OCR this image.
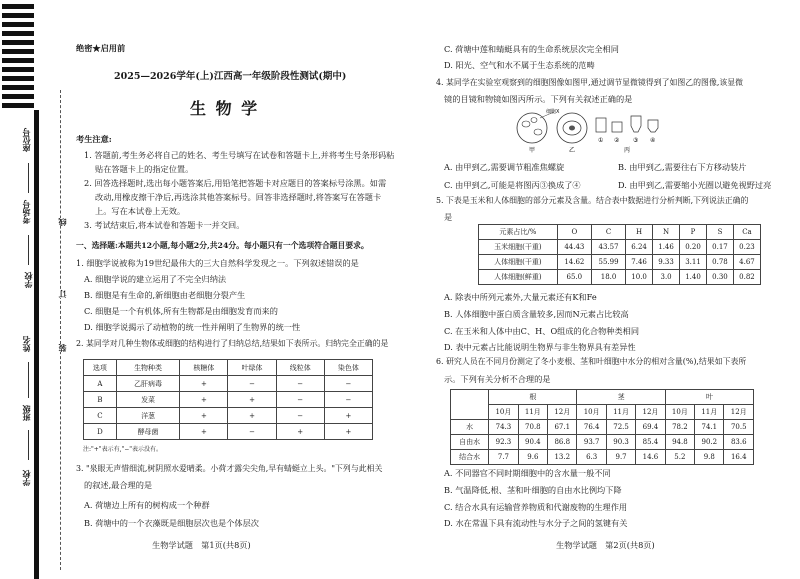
座位号
考场号
学校
姓名
班级
学校
线
订
装
绝密★启用前
2025—2026学年(上)江西高一年级阶段性测试(期中)
生 物 学
考生注意:
1. 答题前,考生务必将自己的姓名、考生号填写在试卷和答题卡上,并将考生号条形码粘
贴在答题卡上的指定位置。
2. 回答选择题时,选出每小题答案后,用铅笔把答题卡对应题目的答案标号涂黑。如需
改动,用橡皮擦干净后,再选涂其他答案标号。回答非选择题时,将答案写在答题卡
上。写在本试卷上无效。
3. 考试结束后,将本试卷和答题卡一并交回。
一、选择题:本题共12小题,每小题2分,共24分。每小题只有一个选项符合题目要求。
1. 细胞学说被称为19世纪最伟大的三大自然科学发现之一。下列叙述错误的是
A. 细胞学说的建立运用了不完全归纳法
B. 细胞是有生命的,新细胞由老细胞分裂产生
C. 细胞是一个有机体,所有生物都是由细胞发育而来的
D. 细胞学说揭示了动植物的统一性并阐明了生物界的统一性
2. 某同学对几种生物体或细胞的结构进行了归纳总结,结果如下表所示。归纳完全正确的是
选项	生物种类	核糖体	叶绿体	线粒体	染色体
A	乙肝病毒	+	−	−	−
B	发菜	+	+	−	−
C	洋葱	+	+	−	+
D	酵母菌	+	−	+	+
注:"+"表示有,"−"表示没有。
3. "泉眼无声惜细流,树阴照水爱晴柔。小荷才露尖尖角,早有蜻蜓立上头。"下列与此相关
的叙述,最合理的是
A. 荷塘边上所有的树构成一个种群
B. 荷塘中的一个衣藻既是细胞层次也是个体层次
生物学试题　第1页(共8页)
C. 荷塘中莲和蜻蜓具有的生命系统层次完全相同
D. 阳光、空气和水不属于生态系统的范畴
4. 某同学在实验室观察到的细胞图像如图甲,通过调节显微镜得到了如图乙的图像,该显微
镜的目镜和物镜如图丙所示。下列有关叙述正确的是
细胞X
甲	乙
① ② ③ ④
丙
A. 由甲到乙,需要调节粗准焦螺旋	B. 由甲到乙,需要往右下方移动装片
C. 由甲到乙,可能是将图丙③换成了④	D. 由甲到乙,需要缩小光圈以避免视野过亮
5. 下表是玉米和人体细胞的部分元素及含量。结合表中数据进行分析判断,下列说法正确的
是
元素占比/%	O	C	H	N	P	S	Ca
玉米细胞(干重)	44.43	43.57	6.24	1.46	0.20	0.17	0.23
人体细胞(干重)	14.62	55.99	7.46	9.33	3.11	0.78	4.67
人体细胞(鲜重)	65.0	18.0	10.0	3.0	1.40	0.30	0.82
A. 除表中所列元素外,大量元素还有K和Fe
B. 人体细胞中蛋白质含量较多,因而N元素占比较高
C. 在玉米和人体中由C、H、O组成的化合物种类相同
D. 表中元素占比能说明生物界与非生物界具有差异性
6. 研究人员在不同月份测定了冬小麦根、茎和叶细胞中水分的相对含量(%),结果如下表所
示。下列有关分析不合理的是
	根			茎			叶		
	10月	11月	12月	10月	11月	12月	10月	11月	12月
水	74.3	70.8	67.1	76.4	72.5	69.4	78.2	74.1	70.5
自由水	92.3	90.4	86.8	93.7	90.3	85.4	94.8	90.2	83.6
结合水	7.7	9.6	13.2	6.3	9.7	14.6	5.2	9.8	16.4
A. 不同器官不同时期细胞中的含水量一般不同
B. 气温降低,根、茎和叶细胞的自由水比例均下降
C. 结合水具有运输营养物质和代谢废物的生理作用
D. 水在常温下具有流动性与水分子之间的氢键有关
生物学试题　第2页(共8页)
